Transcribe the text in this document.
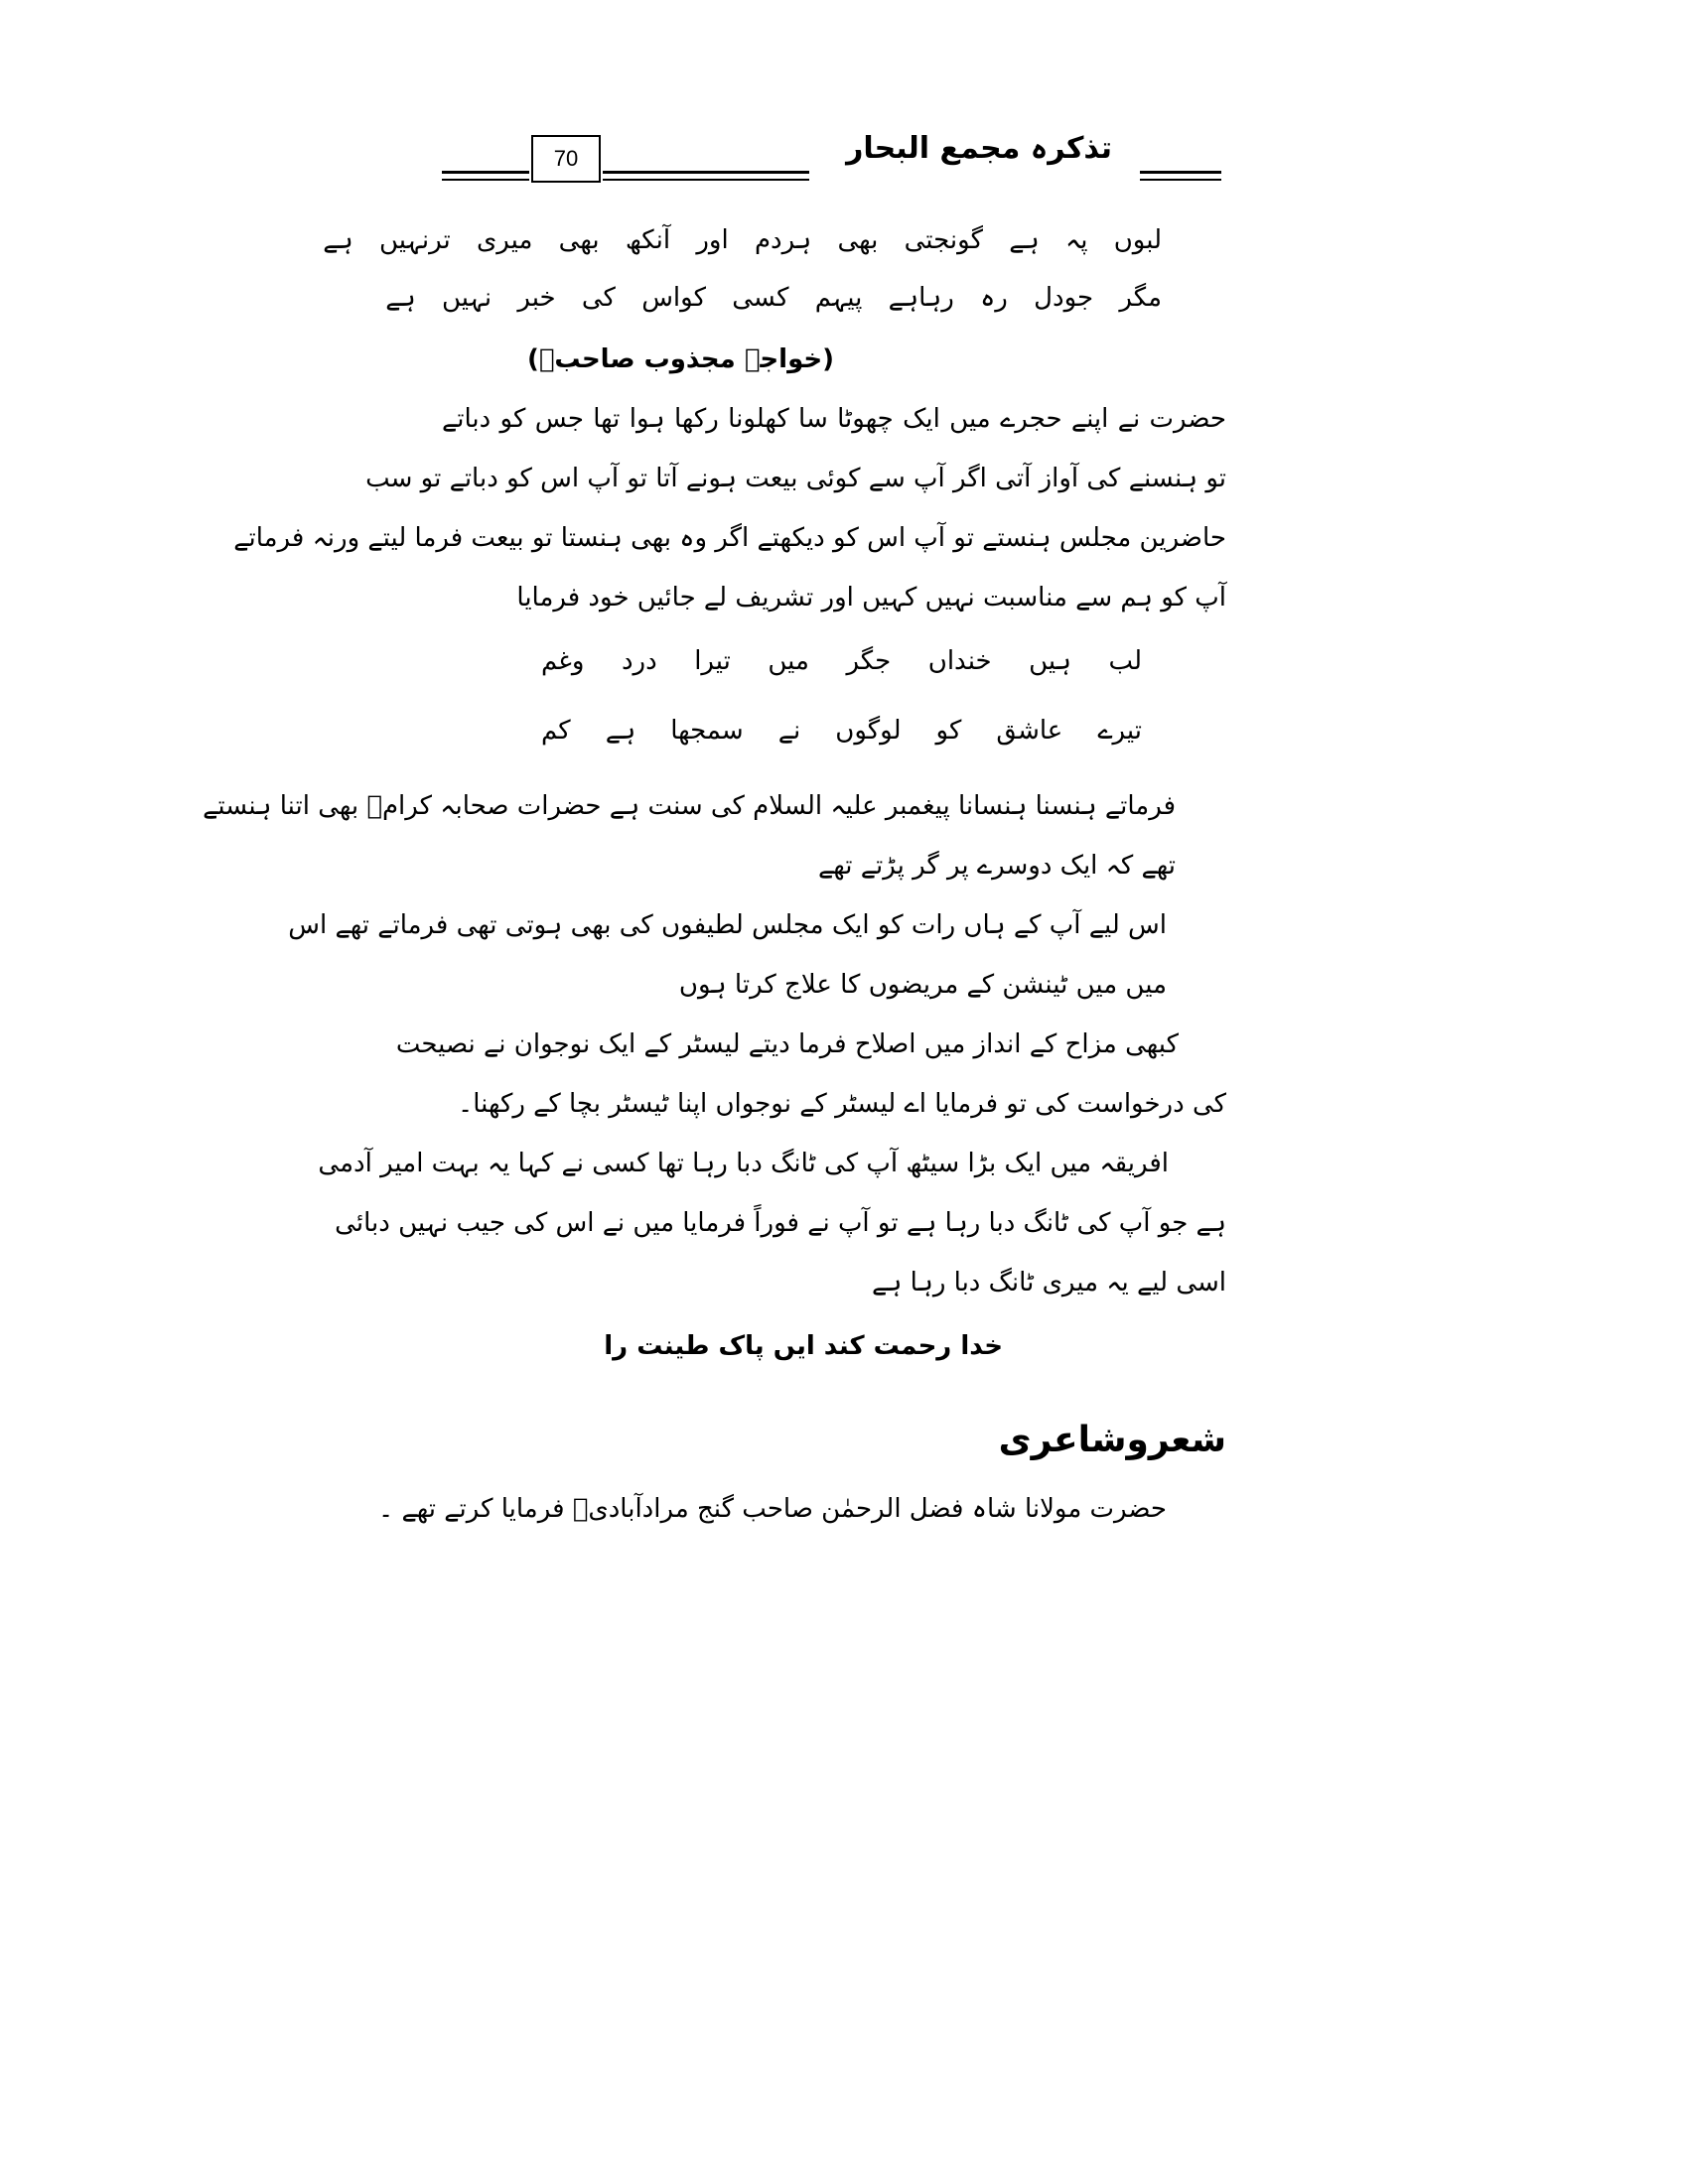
70	تذکرہ مجمع البحار
لبوں پہ ہے گونجتی بھی ہردم اور آنکھ بھی میری ترنہیں ہے
مگر جودل رہ رہاہے پیہم کسی کواس کی خبر نہیں ہے
(خواجہ مجذوب صاحبؒ)
حضرت نے اپنے حجرے میں ایک چھوٹا سا کھلونا رکھا ہوا تھا جس کو دباتے
تو ہنسنے کی آواز آتی اگر آپ سے کوئی بیعت ہونے آتا تو آپ اس کو دباتے تو سب
حاضرین مجلس ہنستے تو آپ اس کو دیکھتے اگر وہ بھی ہنستا تو بیعت فرما لیتے ورنہ فرماتے
آپ کو ہم سے مناسبت نہیں کہیں اور تشریف لے جائیں خود فرمایا
لب ہیں خنداں جگر میں تیرا درد وغم
تیرے عاشق کو لوگوں نے سمجھا ہے کم
فرماتے ہنسنا ہنسانا پیغمبر علیہ السلام کی سنت ہے حضرات صحابہ کرامؓ بھی اتنا ہنستے
تھے کہ ایک دوسرے پر گر پڑتے تھے
اس لیے آپ کے ہاں رات کو ایک مجلس لطیفوں کی بھی ہوتی تھی فرماتے تھے اس
میں میں ٹینشن کے مریضوں کا علاج کرتا ہوں
کبھی مزاح کے انداز میں اصلاح فرما دیتے لیسٹر کے ایک نوجوان نے نصیحت
کی درخواست کی تو فرمایا اے لیسٹر کے نوجواں اپنا ٹیسٹر بچا کے رکھنا۔
افریقہ میں ایک بڑا سیٹھ آپ کی ٹانگ دبا رہا تھا کسی نے کہا یہ بہت امیر آدمی
ہے جو آپ کی ٹانگ دبا رہا ہے تو آپ نے فوراً فرمایا میں نے اس کی جیب نہیں دبائی
اسی لیے یہ میری ٹانگ دبا رہا ہے
خدا رحمت کند ایں پاک طینت را
شعروشاعری
حضرت مولانا شاہ فضل الرحمٰن صاحب گنج مرادآبادیؒ فرمایا کرتے تھے ۔
